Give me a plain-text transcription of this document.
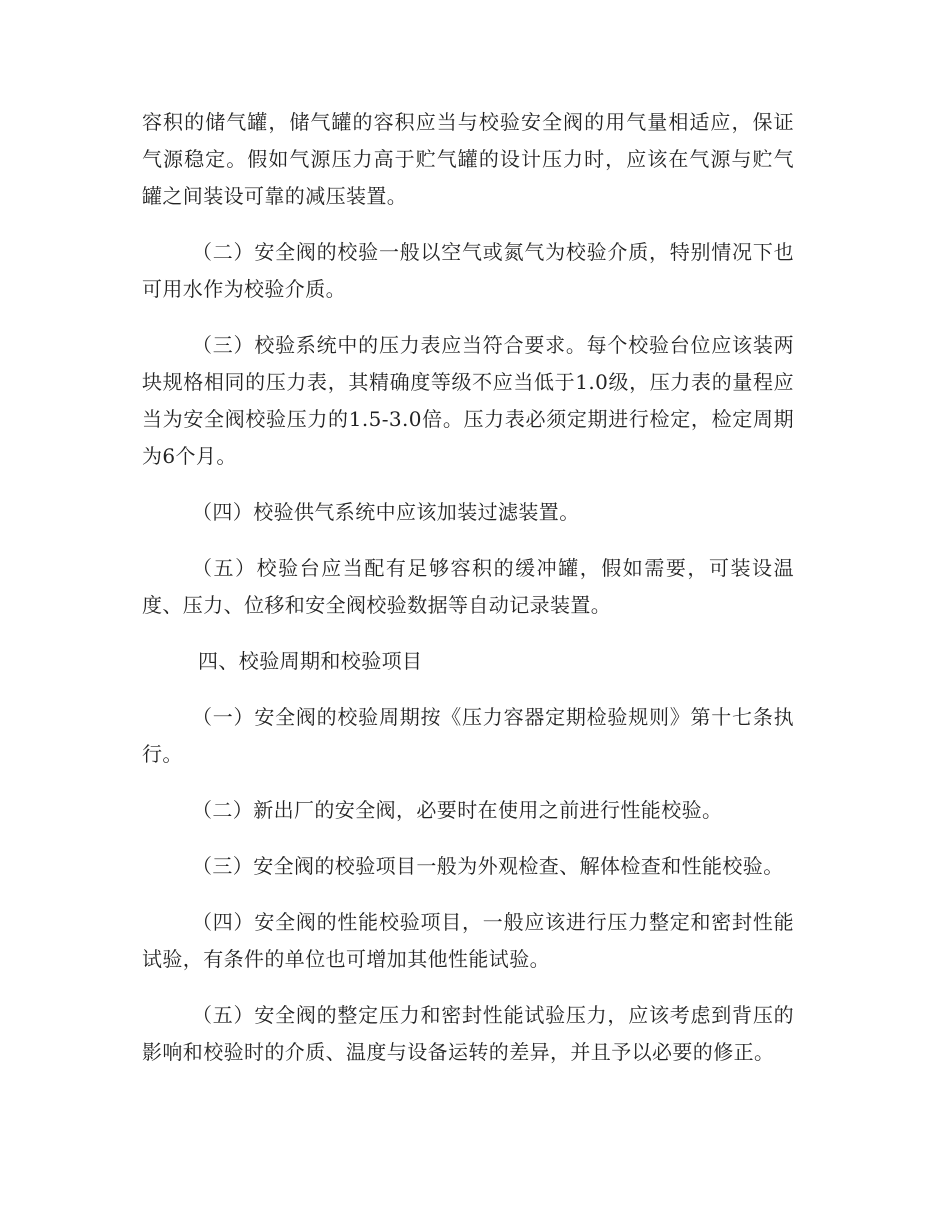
容积的储气罐，储气罐的容积应当与校验安全阀的用气量相适应，保证气源稳定。假如气源压力高于贮气罐的设计压力时，应该在气源与贮气罐之间装设可靠的减压装置。

（二）安全阀的校验一般以空气或氮气为校验介质，特别情况下也可用水作为校验介质。

（三）校验系统中的压力表应当符合要求。每个校验台位应该装两块规格相同的压力表，其精确度等级不应当低于1.0级，压力表的量程应当为安全阀校验压力的1.5-3.0倍。压力表必须定期进行检定，检定周期为6个月。

（四）校验供气系统中应该加装过滤装置。

（五）校验台应当配有足够容积的缓冲罐，假如需要，可装设温度、压力、位移和安全阀校验数据等自动记录装置。

四、校验周期和校验项目

（一）安全阀的校验周期按《压力容器定期检验规则》第十七条执行。

（二）新出厂的安全阀，必要时在使用之前进行性能校验。

（三）安全阀的校验项目一般为外观检查、解体检查和性能校验。

（四）安全阀的性能校验项目，一般应该进行压力整定和密封性能试验，有条件的单位也可增加其他性能试验。

（五）安全阀的整定压力和密封性能试验压力，应该考虑到背压的影响和校验时的介质、温度与设备运转的差异，并且予以必要的修正。
